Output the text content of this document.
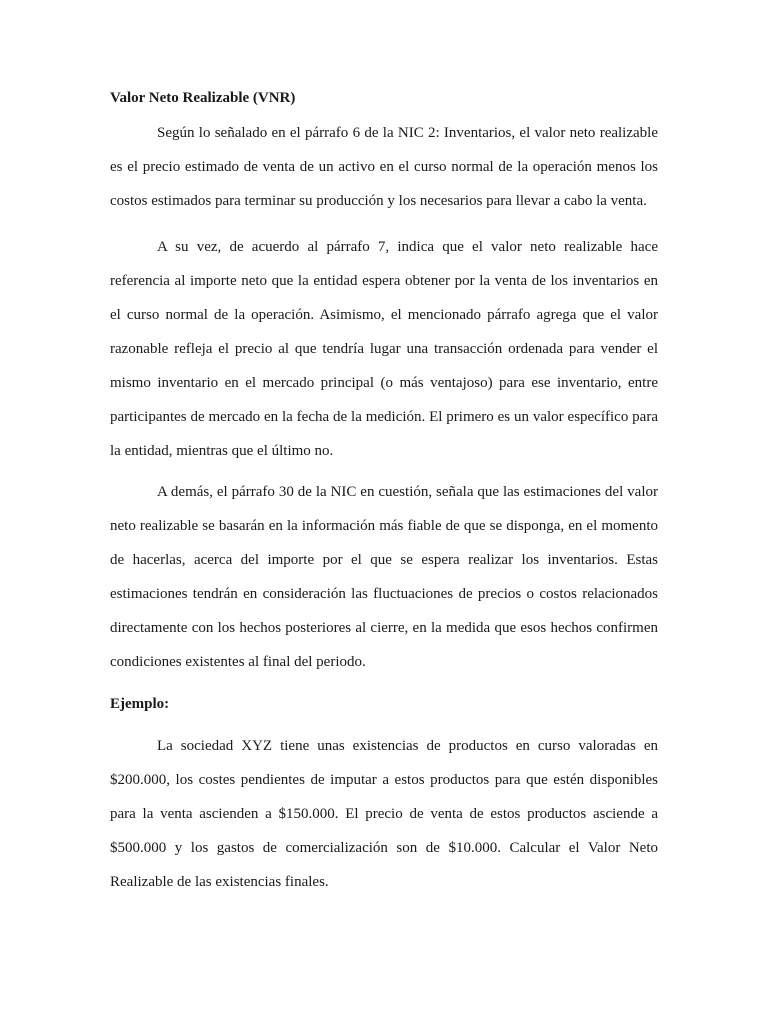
Valor Neto Realizable (VNR)

Según lo señalado en el párrafo 6 de la NIC 2: Inventarios, el valor neto realizable es el precio estimado de venta de un activo en el curso normal de la operación menos los costos estimados para terminar su producción y los necesarios para llevar a cabo la venta.

A su vez, de acuerdo al párrafo 7, indica que el valor neto realizable hace referencia al importe neto que la entidad espera obtener por la venta de los inventarios en el curso normal de la operación. Asimismo, el mencionado párrafo agrega que el valor razonable refleja el precio al que tendría lugar una transacción ordenada para vender el mismo inventario en el mercado principal (o más ventajoso) para ese inventario, entre participantes de mercado en la fecha de la medición. El primero es un valor específico para la entidad, mientras que el último no.

A demás, el párrafo 30 de la NIC en cuestión, señala que las estimaciones del valor neto realizable se basarán en la información más fiable de que se disponga, en el momento de hacerlas, acerca del importe por el que se espera realizar los inventarios. Estas estimaciones tendrán en consideración las fluctuaciones de precios o costos relacionados directamente con los hechos posteriores al cierre, en la medida que esos hechos confirmen condiciones existentes al final del periodo.

Ejemplo:

La sociedad XYZ tiene unas existencias de productos en curso valoradas en $200.000, los costes pendientes de imputar a estos productos para que estén disponibles para la venta ascienden a $150.000. El precio de venta de estos productos asciende a $500.000 y los gastos de comercialización son de $10.000. Calcular el Valor Neto Realizable de las existencias finales.
